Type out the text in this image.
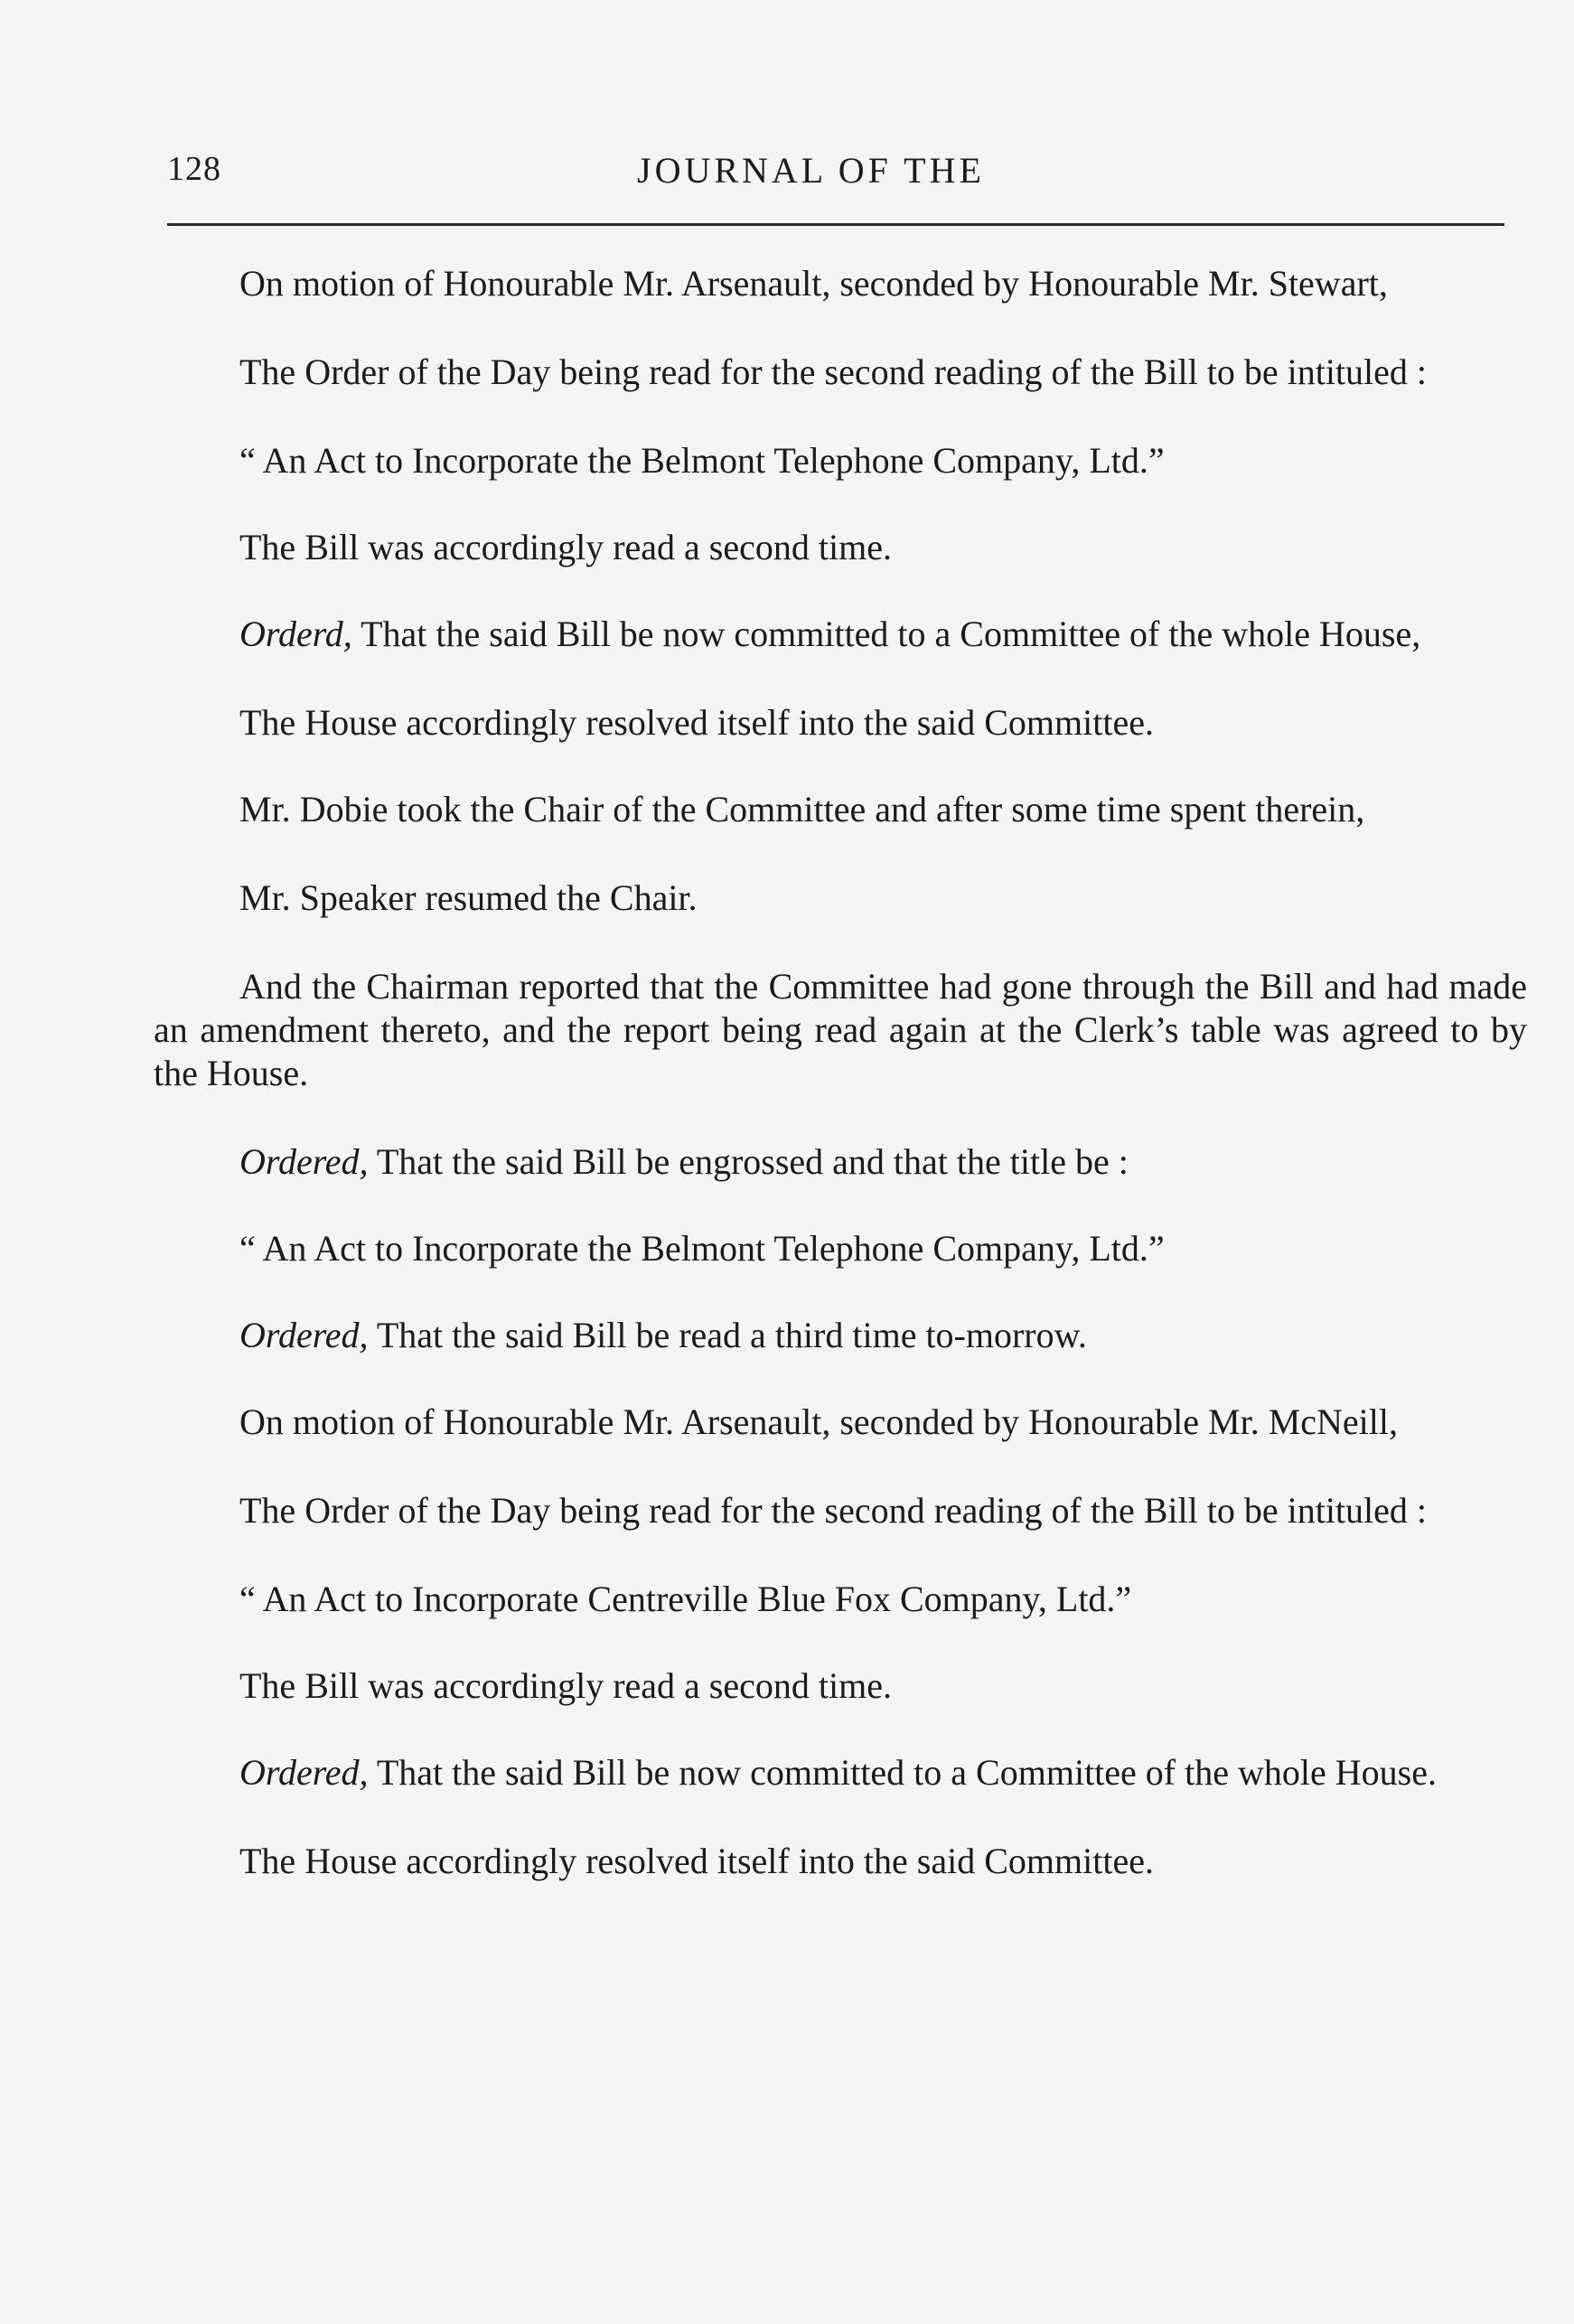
128	JOURNAL OF THE

On motion of Honourable Mr. Arsenault, seconded by Honourable Mr. Stewart,

The Order of the Day being read for the second reading of the Bill to be intituled :

“ An Act to Incorporate the Belmont Telephone Company, Ltd.”

The Bill was accordingly read a second time.

Orderd, That the said Bill be now committed to a Committee of the whole House,

The House accordingly resolved itself into the said Committee.

Mr. Dobie took the Chair of the Committee and after some time spent therein,

Mr. Speaker resumed the Chair.

And the Chairman reported that the Committee had gone through the Bill and had made an amendment thereto, and the report being read again at the Clerk’s table was agreed to by the House.

Ordered, That the said Bill be engrossed and that the title be :

“ An Act to Incorporate the Belmont Telephone Company, Ltd.”

Ordered, That the said Bill be read a third time to-morrow.

On motion of Honourable Mr. Arsenault, seconded by Honourable Mr. McNeill,

The Order of the Day being read for the second reading of the Bill to be intituled :

“ An Act to Incorporate Centreville Blue Fox Company, Ltd.”

The Bill was accordingly read a second time.

Ordered, That the said Bill be now committed to a Committee of the whole House.

The House accordingly resolved itself into the said Committee.
